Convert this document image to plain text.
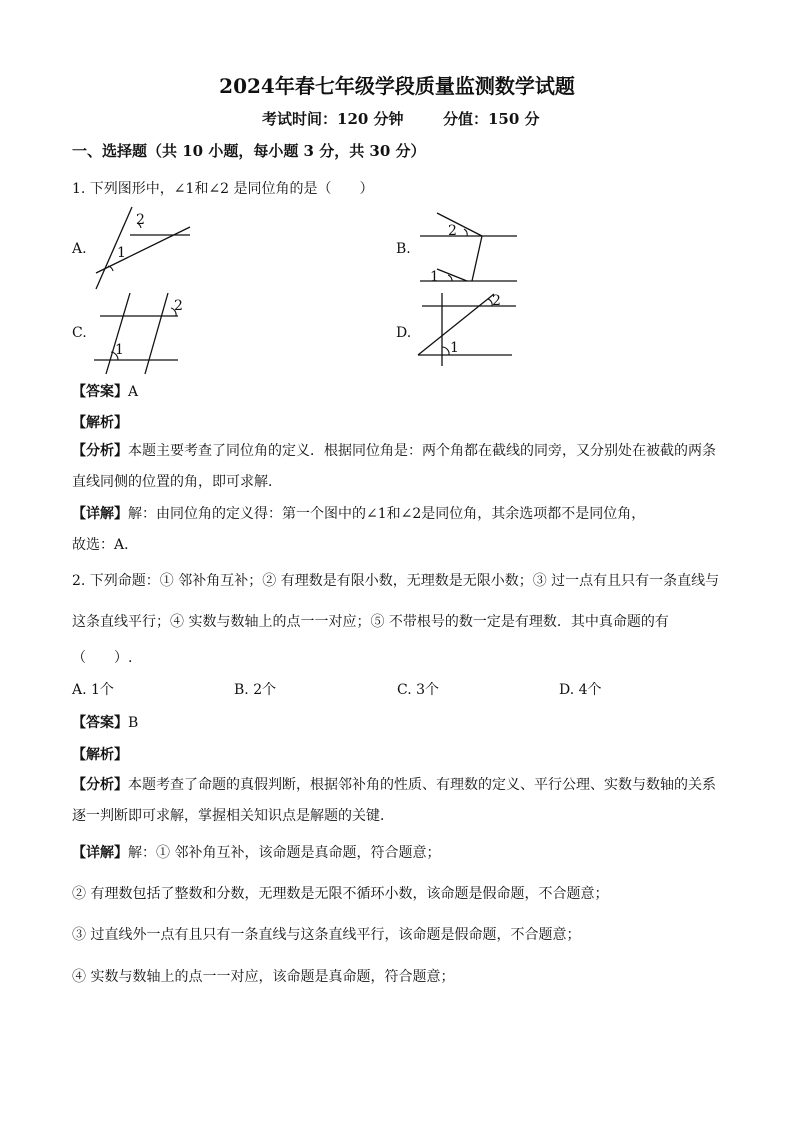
2024年春七年级学段质量监测数学试题
考试时间：120 分钟	分值：150 分
一、选择题（共 10 小题，每小题 3 分，共 30 分）
1. 下列图形中，∠1和∠2 是同位角的是（　　）
A.
2
1	B.
2
1
C.
2
1
D.
2
1
【答案】A
【解析】
【分析】本题主要考查了同位角的定义．根据同位角是：两个角都在截线的同旁，又分别处在被截的两条
直线同侧的位置的角，即可求解．
【详解】解：由同位角的定义得：第一个图中的∠1和∠2是同位角，其余选项都不是同位角，
故选：A．
2. 下列命题：① 邻补角互补；② 有理数是有限小数，无理数是无限小数；③ 过一点有且只有一条直线与
这条直线平行；④ 实数与数轴上的点一一对应；⑤ 不带根号的数一定是有理数．其中真命题的有
（　　）.
A. 1个	B. 2个	C. 3个	D. 4个
【答案】B
【解析】
【分析】本题考查了命题的真假判断，根据邻补角的性质、有理数的定义、平行公理、实数与数轴的关系
逐一判断即可求解，掌握相关知识点是解题的关键．
【详解】解：① 邻补角互补，该命题是真命题，符合题意；
② 有理数包括了整数和分数，无理数是无限不循环小数，该命题是假命题，不合题意；
③ 过直线外一点有且只有一条直线与这条直线平行，该命题是假命题，不合题意；
④ 实数与数轴上的点一一对应，该命题是真命题，符合题意；
